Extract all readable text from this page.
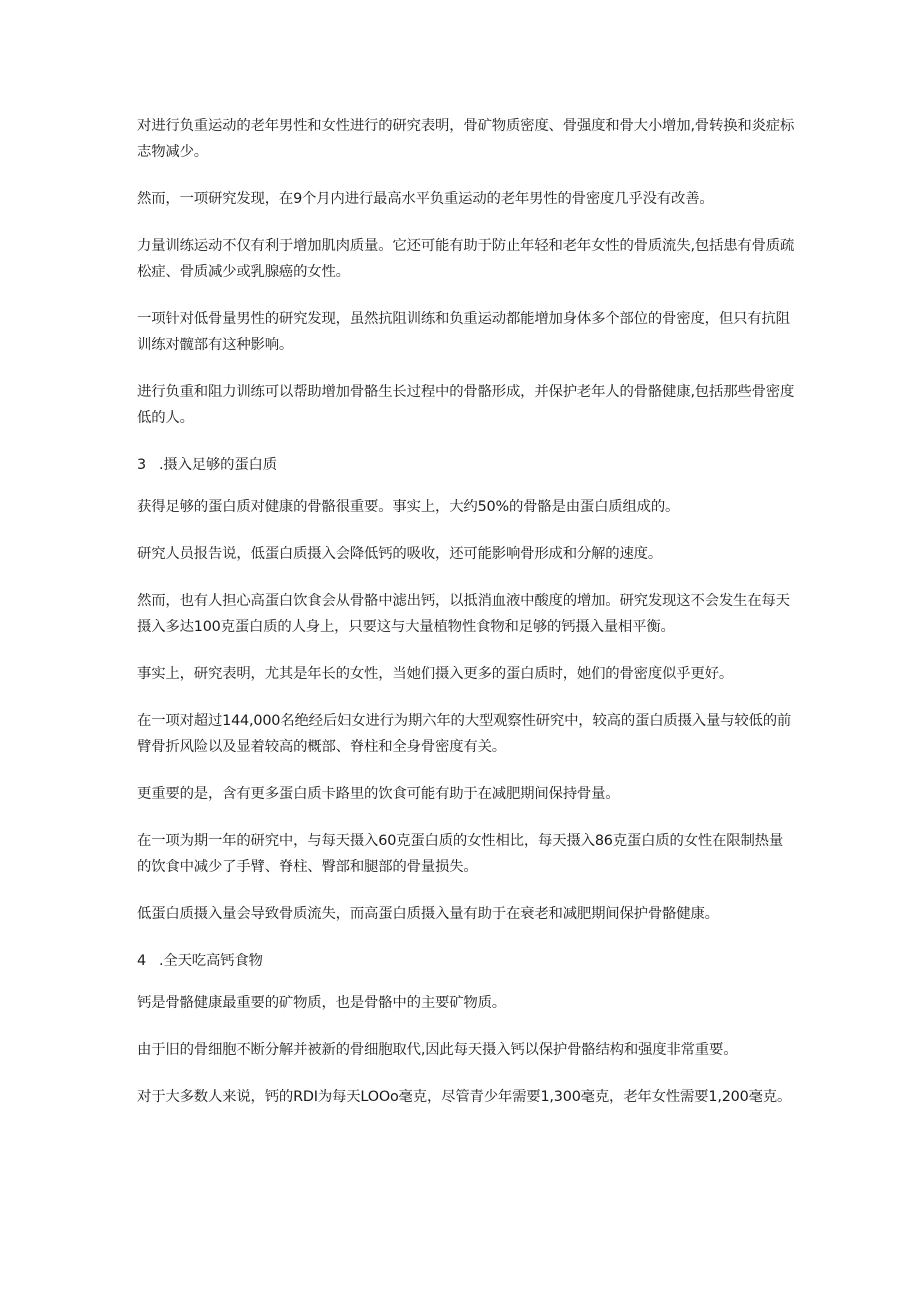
对进行负重运动的老年男性和女性进行的研究表明，骨矿物质密度、骨强度和骨大小增加,骨转换和炎症标志物减少。

然而，一项研究发现，在9个月内进行最高水平负重运动的老年男性的骨密度几乎没有改善。

力量训练运动不仅有利于增加肌肉质量。它还可能有助于防止年轻和老年女性的骨质流失,包括患有骨质疏松症、骨质减少或乳腺癌的女性。

一项针对低骨量男性的研究发现，虽然抗阻训练和负重运动都能增加身体多个部位的骨密度，但只有抗阻训练对髋部有这种影响。

进行负重和阻力训练可以帮助增加骨骼生长过程中的骨骼形成，并保护老年人的骨骼健康,包括那些骨密度低的人。

3 .摄入足够的蛋白质

获得足够的蛋白质对健康的骨骼很重要。事实上，大约50%的骨骼是由蛋白质组成的。

研究人员报告说，低蛋白质摄入会降低钙的吸收，还可能影响骨形成和分解的速度。

然而，也有人担心高蛋白饮食会从骨骼中滤出钙，以抵消血液中酸度的增加。研究发现这不会发生在每天摄入多达100克蛋白质的人身上，只要这与大量植物性食物和足够的钙摄入量相平衡。

事实上，研究表明，尤其是年长的女性，当她们摄入更多的蛋白质时，她们的骨密度似乎更好。

在一项对超过144,000名绝经后妇女进行为期六年的大型观察性研究中，较高的蛋白质摄入量与较低的前臂骨折风险以及显着较高的概部、脊柱和全身骨密度有关。

更重要的是，含有更多蛋白质卡路里的饮食可能有助于在减肥期间保持骨量。

在一项为期一年的研究中，与每天摄入60克蛋白质的女性相比，每天摄入86克蛋白质的女性在限制热量的饮食中减少了手臂、脊柱、臀部和腿部的骨量损失。

低蛋白质摄入量会导致骨质流失，而高蛋白质摄入量有助于在衰老和减肥期间保护骨骼健康。

4 .全天吃高钙食物

钙是骨骼健康最重要的矿物质，也是骨骼中的主要矿物质。

由于旧的骨细胞不断分解并被新的骨细胞取代,因此每天摄入钙以保护骨骼结构和强度非常重要。

对于大多数人来说，钙的RDI为每天LOOo毫克，尽管青少年需要1,300毫克，老年女性需要1,200毫克。
